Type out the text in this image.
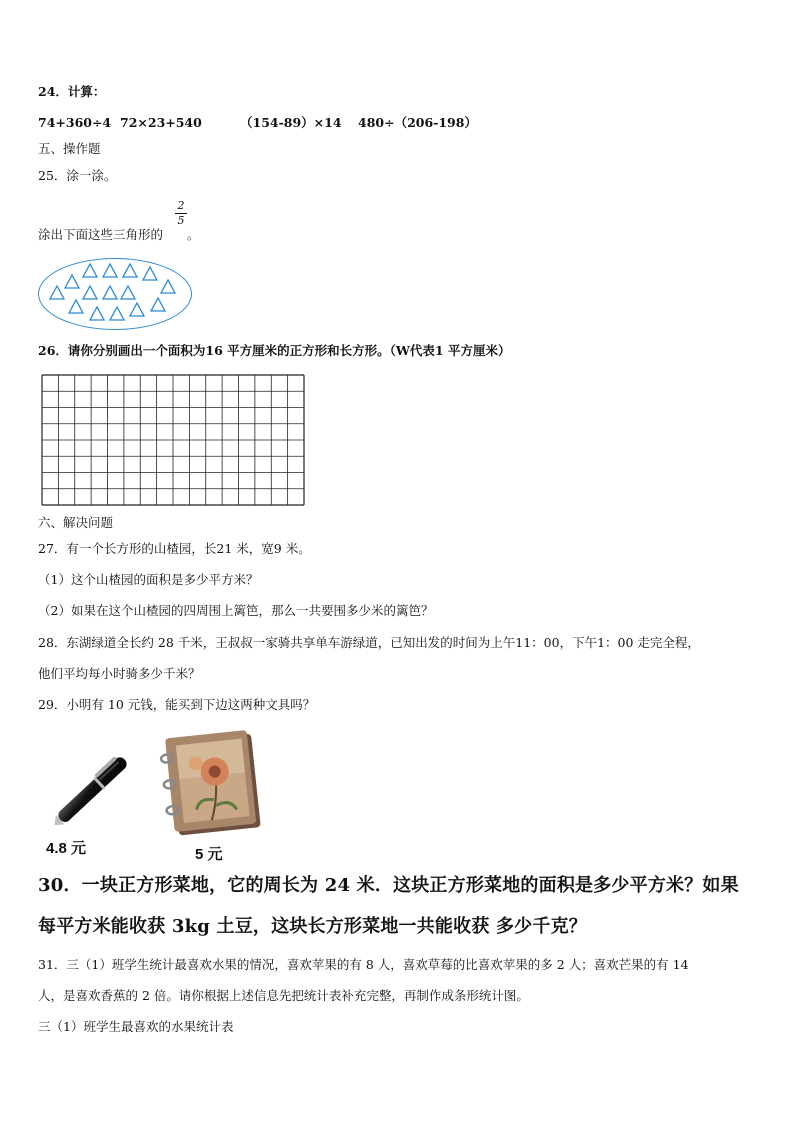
24．计算：
74+360÷4 72×23+540	（154-89）×14 480÷（206-198）
五、操作题
25．涂一涂。
涂出下面这些三角形的
2
5
。
26．请你分别画出一个面积为16 平方厘米的正方形和长方形。（W代表1 平方厘米）
六、解决问题
27．有一个长方形的山楂园，长21 米，宽9 米。
（1）这个山楂园的面积是多少平方米？
（2）如果在这个山楂园的四周围上篱笆，那么一共要围多少米的篱笆？
28．东湖绿道全长约 28 千米，王叔叔一家骑共享单车游绿道，已知出发的时间为上午11：00，下午1：00 走完全程，
他们平均每小时骑多少千米？
29．小明有 10 元钱，能买到下边这两种文具吗？
4.8 元	5 元
30．一块正方形菜地，它的周长为 24 米．这块正方形菜地的面积是多少平方米？如果
每平方米能收获 3kg 土豆，这块长方形菜地一共能收获 多少千克？
31．三（1）班学生统计最喜欢水果的情况，喜欢苹果的有 8 人，喜欢草莓的比喜欢苹果的多 2 人；喜欢芒果的有 14
人，是喜欢香蕉的 2 倍。请你根据上述信息先把统计表补充完整，再制作成条形统计图。
三（1）班学生最喜欢的水果统计表
